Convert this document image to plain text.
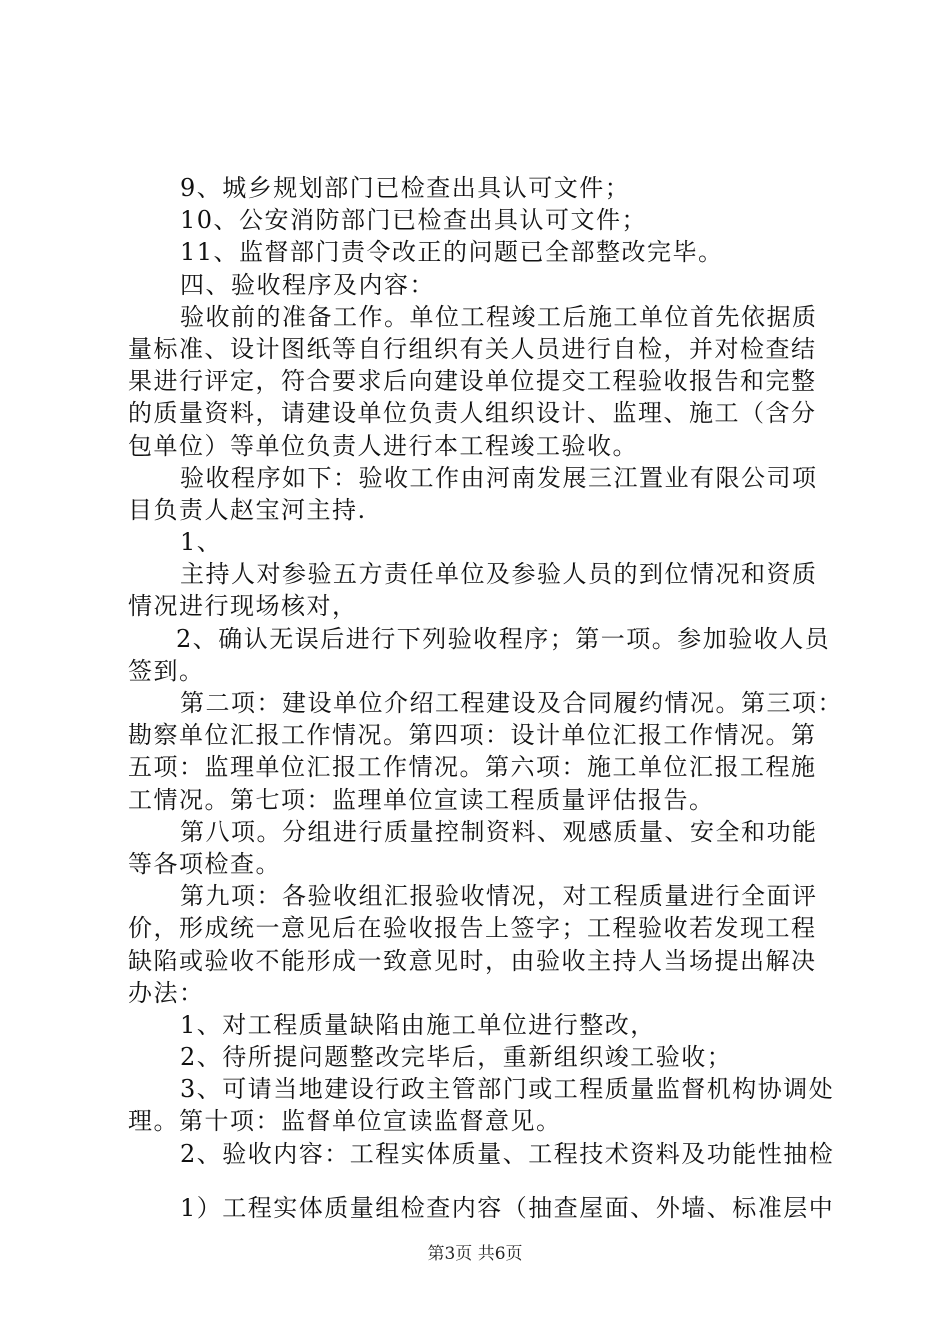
9、城乡规划部门已检查出具认可文件；
10、公安消防部门已检查出具认可文件；
11、监督部门责令改正的问题已全部整改完毕。
四、验收程序及内容：
验收前的准备工作。单位工程竣工后施工单位首先依据质
量标准、设计图纸等自行组织有关人员进行自检，并对检查结
果进行评定，符合要求后向建设单位提交工程验收报告和完整
的质量资料，请建设单位负责人组织设计、监理、施工（含分
包单位）等单位负责人进行本工程竣工验收。
验收程序如下：验收工作由河南发展三江置业有限公司项
目负责人赵宝河主持.
1、
主持人对参验五方责任单位及参验人员的到位情况和资质
情况进行现场核对，
2、确认无误后进行下列验收程序；第一项。参加验收人员
签到。
第二项：建设单位介绍工程建设及合同履约情况。第三项：
勘察单位汇报工作情况。第四项：设计单位汇报工作情况。第
五项：监理单位汇报工作情况。第六项：施工单位汇报工程施
工情况。第七项：监理单位宣读工程质量评估报告。
第八项。分组进行质量控制资料、观感质量、安全和功能
等各项检查。
第九项：各验收组汇报验收情况，对工程质量进行全面评
价，形成统一意见后在验收报告上签字；工程验收若发现工程
缺陷或验收不能形成一致意见时，由验收主持人当场提出解决
办法：
1、对工程质量缺陷由施工单位进行整改，
2、待所提问题整改完毕后，重新组织竣工验收；
3、可请当地建设行政主管部门或工程质量监督机构协调处
理。第十项：监督单位宣读监督意见。
2、验收内容：工程实体质量、工程技术资料及功能性抽检
1）工程实体质量组检查内容（抽查屋面、外墙、标准层中
第3页 共6页
